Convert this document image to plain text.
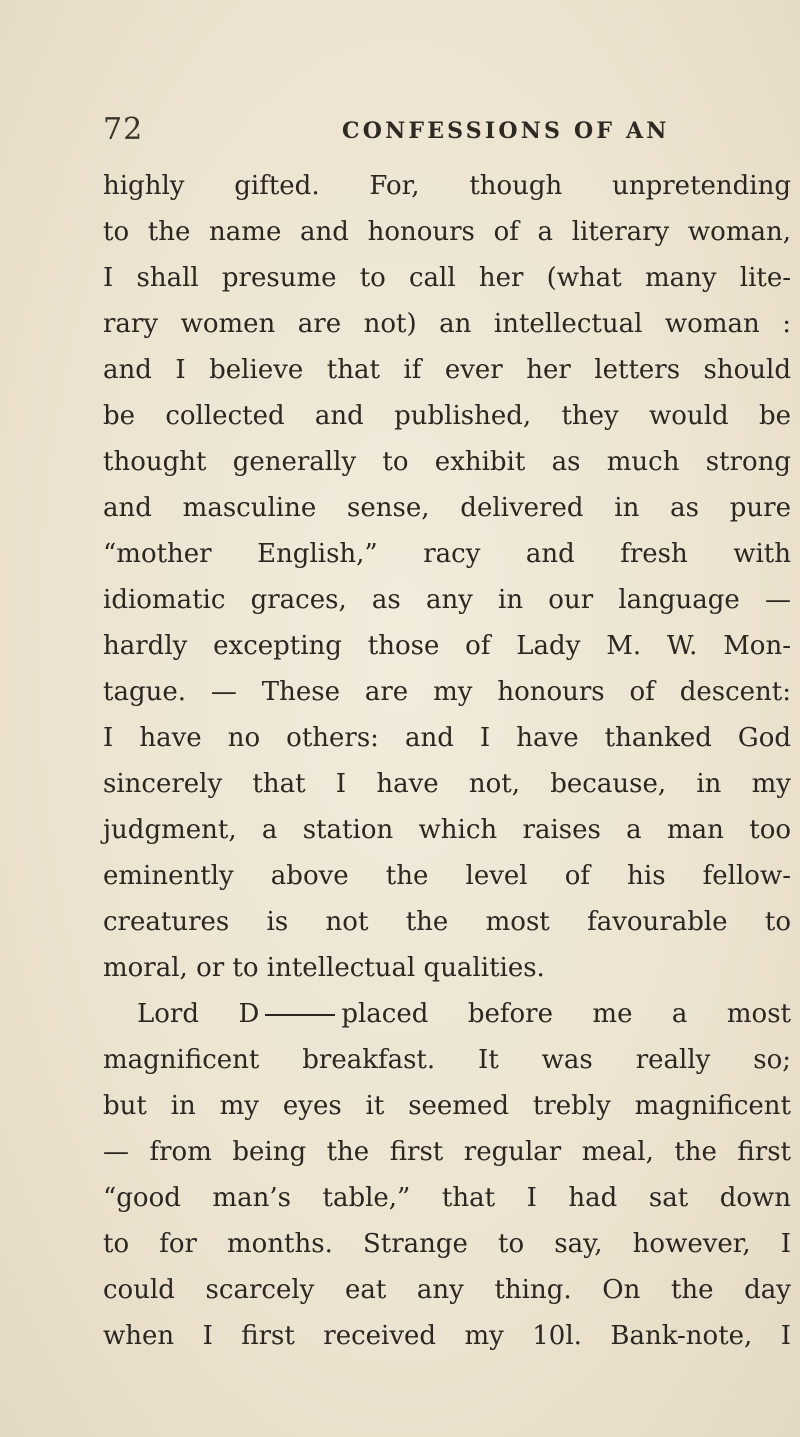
72	CONFESSIONS OF AN
highly gifted. For, though unpretending
to the name and honours of a literary woman,
I shall presume to call her (what many lite-
rary women are not) an intellectual woman :
and I believe that if ever her letters should
be collected and published, they would be
thought generally to exhibit as much strong
and masculine sense, delivered in as pure
“mother English,” racy and fresh with
idiomatic graces, as any in our language —
hardly excepting those of Lady M. W. Mon-
tague. — These are my honours of descent:
I have no others: and I have thanked God
sincerely that I have not, because, in my
judgment, a station which raises a man too
eminently above the level of his fellow-
creatures is not the most favourable to
moral, or to intellectual qualities.
Lord D	placed before me a most
magnificent breakfast. It was really so;
but in my eyes it seemed trebly magnificent
— from being the first regular meal, the first
“good man’s table,” that I had sat down
to for months. Strange to say, however, I
could scarcely eat any thing. On the day
when I first received my 10l. Bank-note, I
